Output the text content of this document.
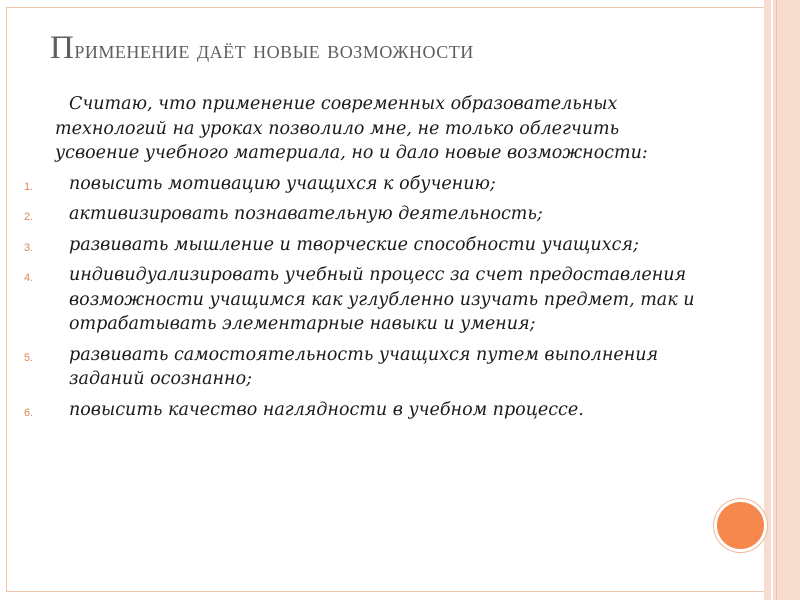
Применение даёт новые возможности
Считаю, что применение современных образовательных технологий на уроках позволило мне, не только облегчить усвоение учебного материала, но и дало новые возможности:
1. повысить мотивацию учащихся к обучению;
2. активизировать познавательную деятельность;
3. развивать мышление и творческие способности учащихся;
4. индивидуализировать учебный процесс за счет предоставления возможности учащимся как углубленно изучать предмет, так и отрабатывать элементарные навыки и умения;
5. развивать самостоятельность учащихся путем выполнения заданий осознанно;
6. повысить качество наглядности в учебном процессе.
